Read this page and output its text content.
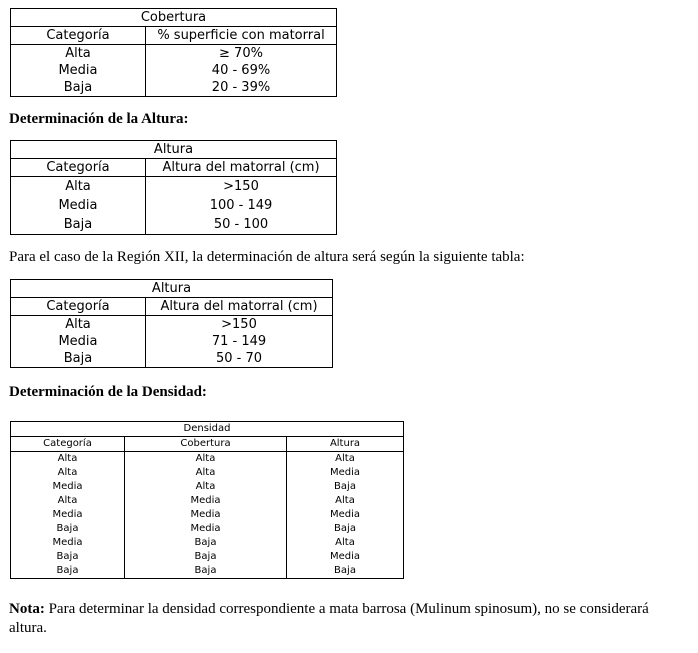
Cobertura	
Categoría	% superficie con matorral
Alta	≥ 70%
Media	40 - 69%
Baja	20 - 39%

Determinación de la Altura:

Altura	
Categoría	Altura del matorral (cm)
Alta	>150
Media	100 - 149
Baja	50 - 100

Para el caso de la Región XII, la determinación de altura será según la siguiente tabla:

Altura	
Categoría	Altura del matorral (cm)
Alta	>150
Media	71 - 149
Baja	50 - 70

Determinación de la Densidad:

Densidad		
Categoría	Cobertura	Altura
Alta	Alta	Alta
Alta	Alta	Media
Media	Alta	Baja
Alta	Media	Alta
Media	Media	Media
Baja	Media	Baja
Media	Baja	Alta
Baja	Baja	Media
Baja	Baja	Baja

Nota: Para determinar la densidad correspondiente a mata barrosa (Mulinum spinosum), no se considerará altura.
